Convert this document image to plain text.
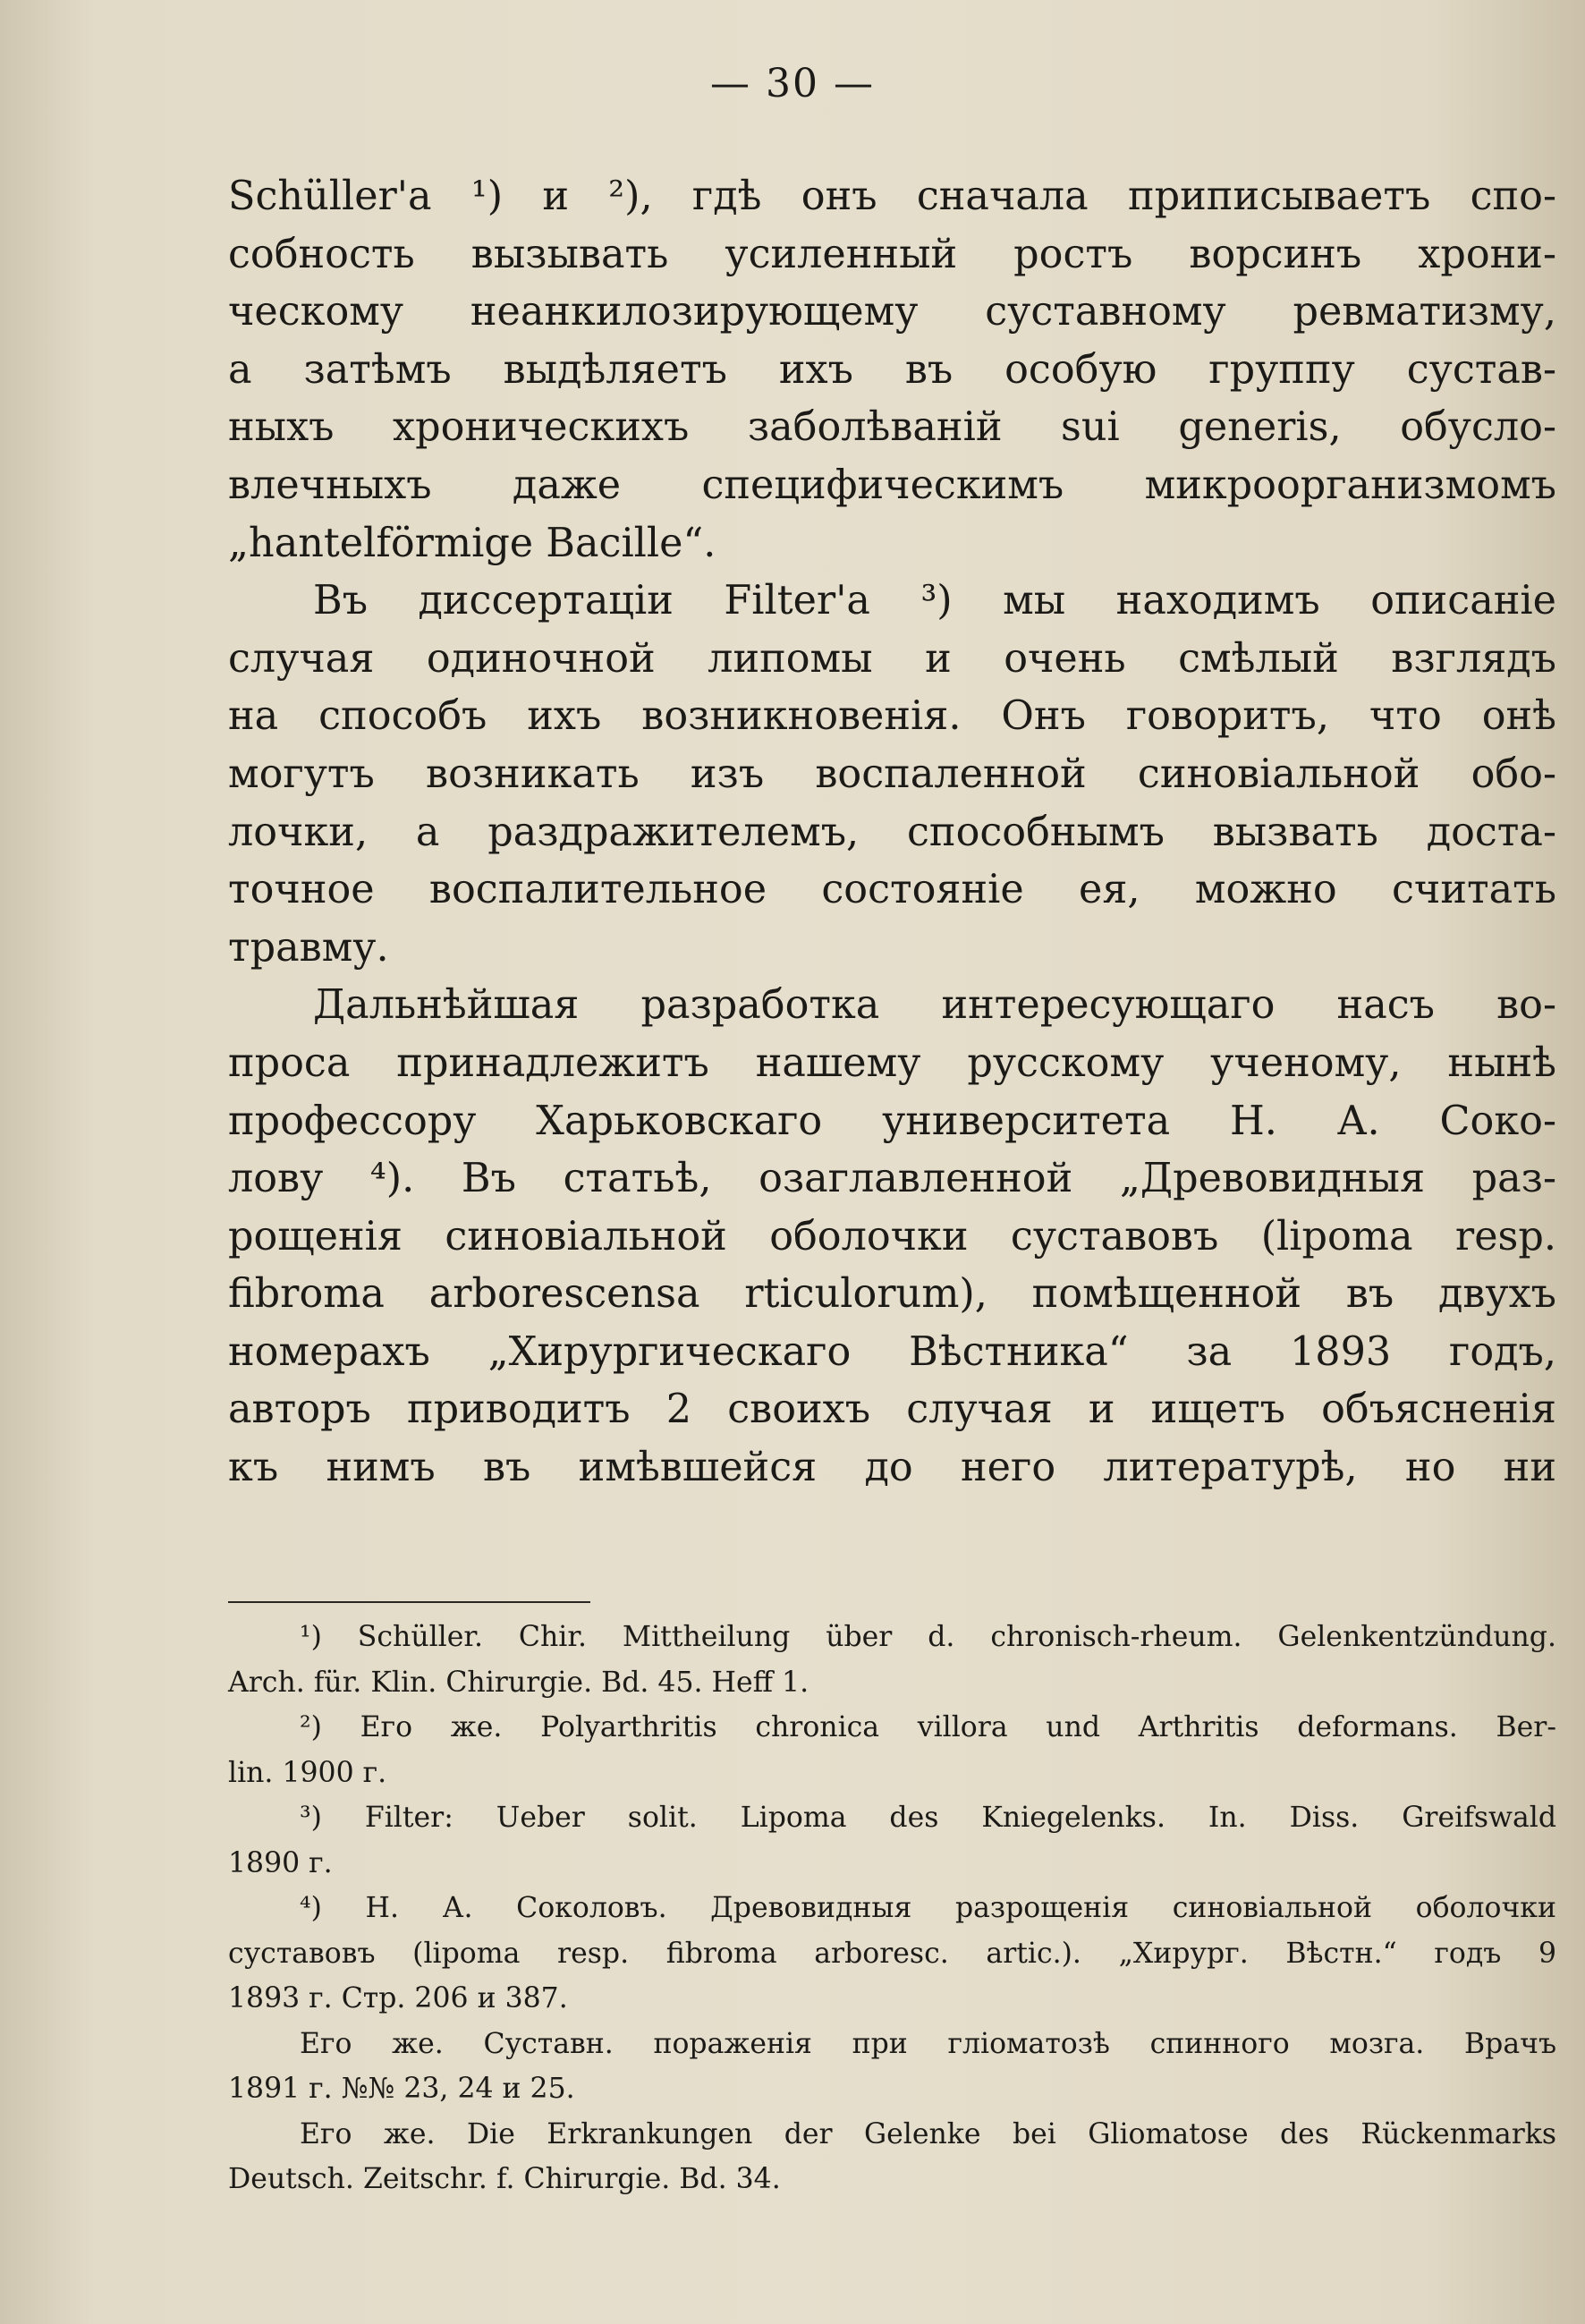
— 30 —
Schüller'a ¹) и ²), гдѣ онъ сначала приписываетъ спо-
собность вызывать усиленный ростъ ворсинъ хрони-
ческому неанкилозирующему суставному ревматизму,
а затѣмъ выдѣляетъ ихъ въ особую группу сустав-
ныхъ хроническихъ заболѣваній sui generis, обусло-
влечныхъ даже специфическимъ микроорганизмомъ
„hantelförmige Bacille“.
Въ диссертаціи Filter'a ³) мы находимъ описаніе
случая одиночной липомы и очень смѣлый взглядъ
на способъ ихъ возникновенія. Онъ говоритъ, что онѣ
могутъ возникать изъ воспаленной синовіальной обо-
лочки, а раздражителемъ, способнымъ вызвать доста-
точное воспалительное состояніе ея, можно считать
травму.
Дальнѣйшая разработка интересующаго насъ во-
проса принадлежитъ нашему русскому ученому, нынѣ
профессору Харьковскаго университета Н. А. Соко-
лову ⁴). Въ статьѣ, озаглавленной „Древовидныя раз-
рощенія синовіальной оболочки суставовъ (lipoma resp.
fibroma arborescensa rticulorum), помѣщенной въ двухъ
номерахъ „Хирургическаго Вѣстника“ за 1893 годъ,
авторъ приводитъ 2 своихъ случая и ищетъ объясненія
къ нимъ въ имѣвшейся до него литературѣ, но ни
¹) Schüller. Chir. Mittheilung über d. chronisch-rheum. Gelenkentzündung.
Arch. für. Klin. Chirurgie. Bd. 45. Heff 1.
²) Его же. Polyarthritis chronica villora und Arthritis deformans. Ber-
lin. 1900 г.
³) Filter: Ueber solit. Lipoma des Kniegelenks. In. Diss. Greifswald
1890 г.
⁴) Н. А. Соколовъ. Древовидныя разрощенія синовіальной оболочки
суставовъ (lipoma resp. fibroma arboresc. artic.). „Хирург. Вѣстн.“ годъ 9
1893 г. Стр. 206 и 387.
Его же. Суставн. пораженія при гліоматозѣ спинного мозга. Врачъ
1891 г. №№ 23, 24 и 25.
Его же. Die Erkrankungen der Gelenke bei Gliomatose des Rückenmarks
Deutsch. Zeitschr. f. Chirurgie. Bd. 34.
